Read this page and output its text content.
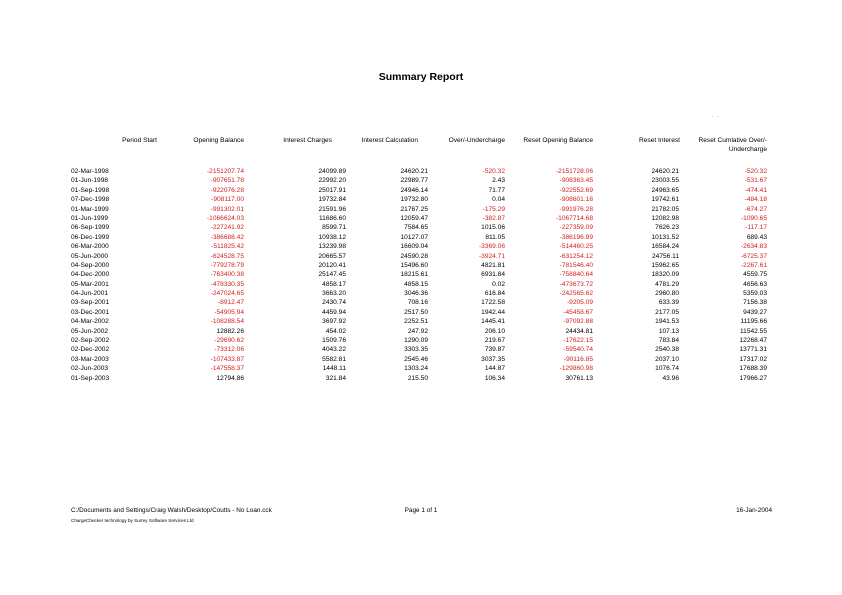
Summary Report
. .
Period Start	Opening Balance	Interest Charges	Interest Calculation	Over/-Undercharge	Reset Opening Balance	Reset Interest	Reset Cumlative Over/-Undercharge
02-Mar-1998	-2151207.74	24099.89	24620.21	-520.32	-2151728.06	24620.21	-520.32
01-Jun-1998	-907651.78	22992.20	22989.77	2.43	-908363.45	23003.55	-531.67
01-Sep-1998	-922076.28	25017.91	24946.14	71.77	-922552.69	24963.65	-474.41
07-Dec-1998	-908117.00	19732.84	19732.80	0.04	-908601.18	19742.61	-484.18
01-Mar-1999	-991302.01	21591.96	21767.25	-175.29	-991976.28	21782.05	-674.27
01-Jun-1999	-1066624.03	11686.60	12059.47	-382.87	-1067714.68	12082.98	-1090.65
06-Sep-1999	-227241.92	8599.71	7584.65	1015.06	-227359.09	7626.23	-117.17
06-Dec-1999	-386688.42	10938.12	10127.07	811.05	-386196.99	10131.52	689.43
06-Mar-2000	-511825.42	13239.98	16609.04	-3369.06	-514460.25	16584.24	-2634.83
05-Jun-2000	-624528.75	20665.57	24590.28	-3924.71	-631254.12	24756.11	-6725.37
04-Sep-2000	-779278.79	20120.41	15496.60	4821.81	-781546.40	15962.65	-2267.61
04-Dec-2000	-763400.38	25147.45	18215.61	6931.84	-758840.64	18320.09	4559.75
05-Mar-2001	-478330.35	4858.17	4858.15	0.02	-473673.72	4781.29	4656.63
04-Jun-2001	-247024.65	3663.20	3046.36	616.84	-242565.62	2960.80	5359.03
03-Sep-2001	-8912.47	2430.74	708.16	1722.58	-9205.09	633.39	7156.38
03-Dec-2001	-54905.94	4459.94	2517.50	1942.44	-45458.67	2177.05	9439.27
04-Mar-2002	-108288.54	3697.92	2252.51	1445.41	-97092.88	1941.53	11195.66
05-Jun-2002	12882.26	454.02	247.92	206.10	24434.81	107.13	11542.55
02-Sep-2002	-29690.62	1509.76	1290.09	219.67	-17622.15	783.84	12268.47
02-Dec-2002	-73312.06	4043.22	3303.35	739.87	-59540.74	2540.38	13771.31
03-Mar-2003	-107433.87	5582.81	2545.46	3037.35	-90116.85	2037.10	17317.02
02-Jun-2003	-147558.37	1448.11	1303.24	144.87	-129860.98	1076.74	17688.39
01-Sep-2003	12794.86	321.84	215.50	106.34	30761.13	43.96	17966.27
C:/Documents and Settings/Craig Walsh/Desktop/Coutts - No Loan.cck	Page 1 of 1	16-Jan-2004
ChargeChecker technology by Surrey Software Services Ltd
